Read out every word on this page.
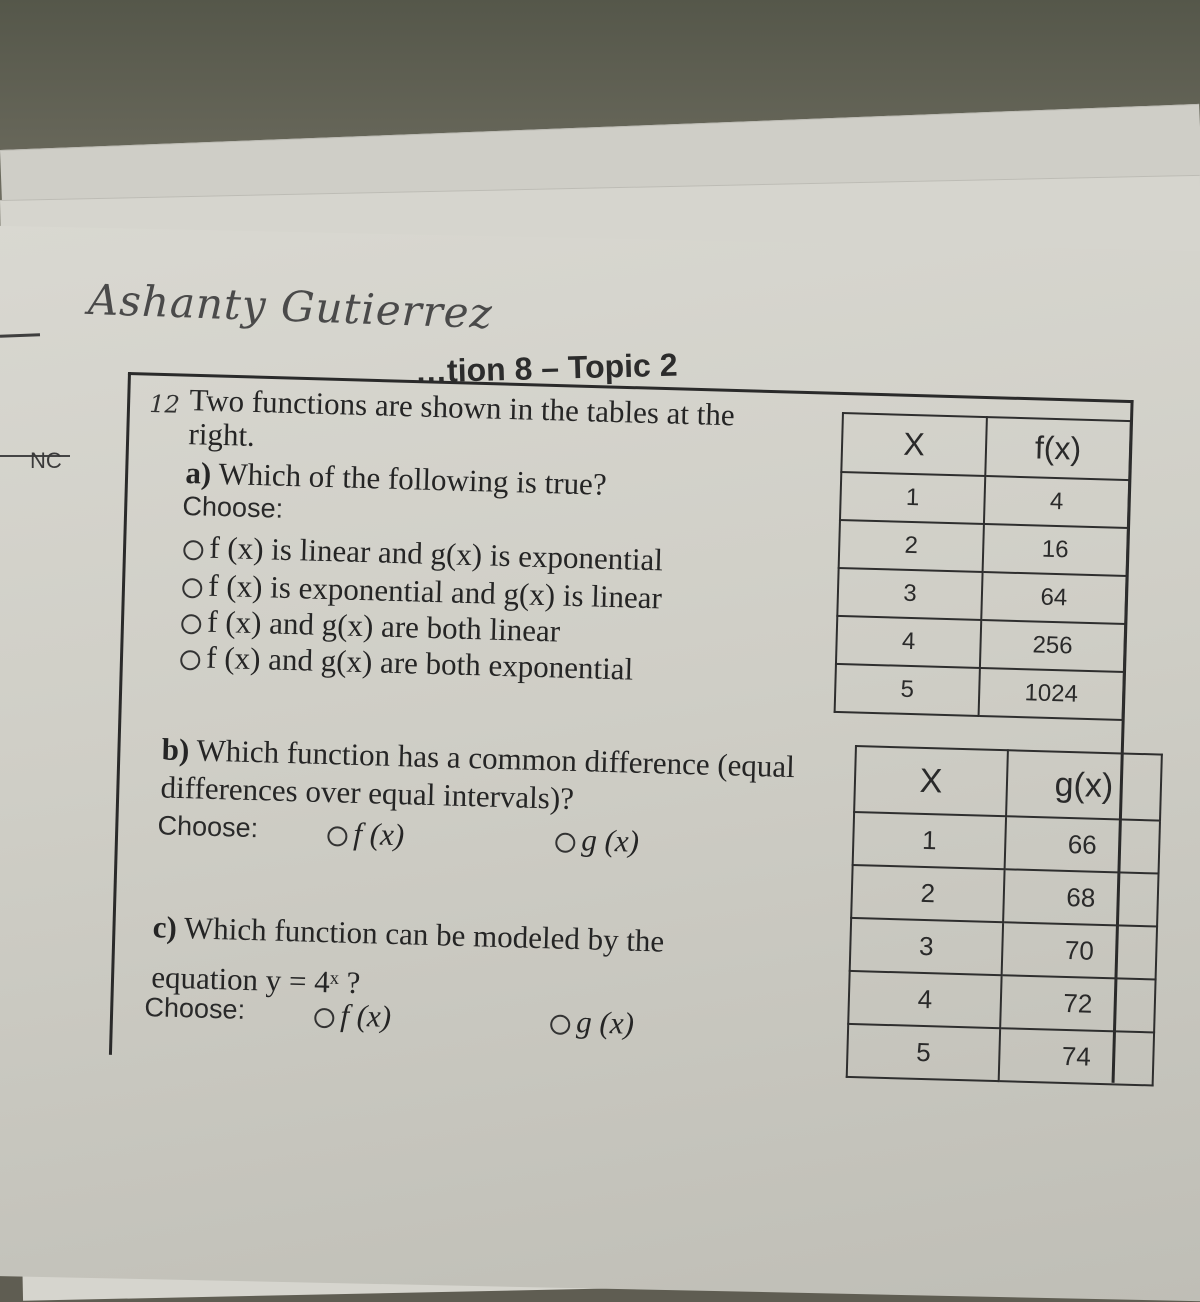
Ashanty Gutierrez
NC
…tion 8 – Topic 2
12 Two functions are shown in the tables at the right.
a) Which of the following is true?
Choose:
f (x) is linear and g(x) is exponential
f (x) is exponential and g(x) is linear
f (x) and g(x) are both linear
f (x) and g(x) are both exponential
b) Which function has a common difference (equal differences over equal intervals)?
Choose:	f (x)	g (x)
c) Which function can be modeled by the
equation y = 4ˣ ?
Choose:	f (x)	g (x)
X	f(x)
1	4
2	16
3	64
4	256
5	1024
X	g(x)
1	66
2	68
3	70
4	72
5	74
